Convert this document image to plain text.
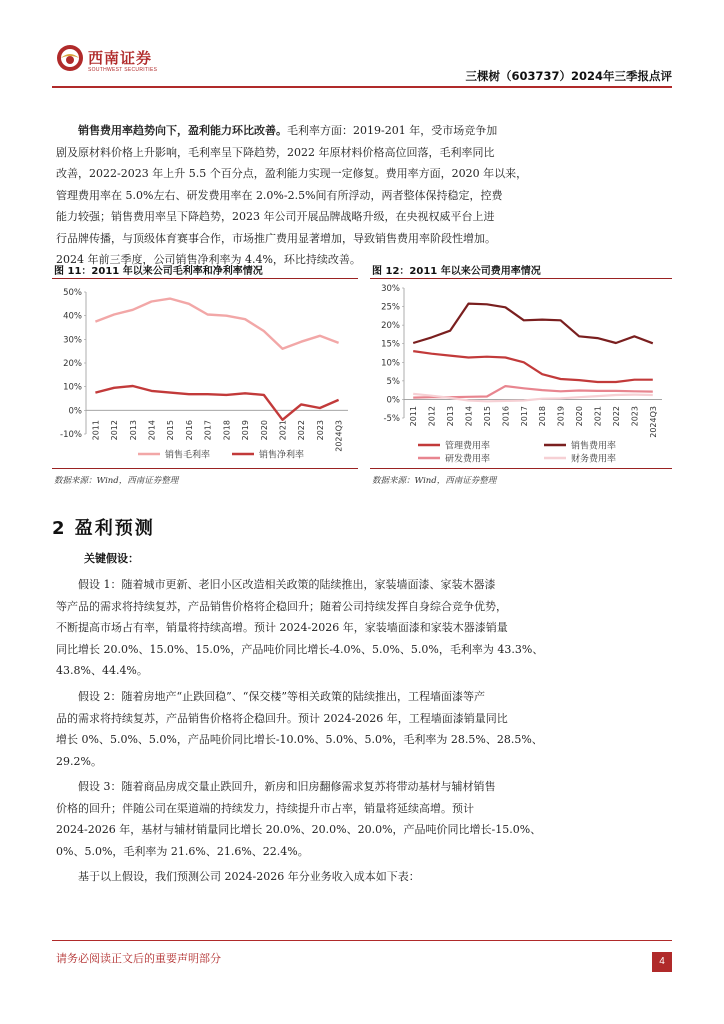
西南证券
SOUTHWEST SECURITIES	三棵树（603737）2024年三季报点评
销售费用率趋势向下，盈利能力环比改善。毛利率方面：2019-201 年，受市场竞争加
剧及原材料价格上升影响，毛利率呈下降趋势，2022 年原材料价格高位回落，毛利率同比
改善，2022-2023 年上升 5.5 个百分点，盈利能力实现一定修复。费用率方面，2020 年以来，
管理费用率在 5.0%左右、研发费用率在 2.0%-2.5%间有所浮动，两者整体保持稳定，控费
能力较强；销售费用率呈下降趋势，2023 年公司开展品牌战略升级，在央视权威平台上进
行品牌传播，与顶级体育赛事合作，市场推广费用显著增加，导致销售费用率阶段性增加。
2024 年前三季度，公司销售净利率为 4.4%，环比持续改善。
图 11：2011 年以来公司毛利率和净利率情况
50%
40%
30%
20%
10%
0%
-10% 2011 2012 2013 2014 2015 2016 2017 2018 2019 2020 2021 2022 2023 2024Q3
销售毛利率	销售净利率
数据来源：Wind，西南证券整理
图 12：2011 年以来公司费用率情况
30%
25%
20%
15%
10%
5%
0%
-5% 2011 2012 2013 2014 2015 2016 2017 2018 2019 2020 2021 2022 2023 2024Q3
管理费用率	销售费用率
研发费用率	财务费用率
数据来源：Wind，西南证券整理
2 盈利预测
关键假设：
假设 1：随着城市更新、老旧小区改造相关政策的陆续推出，家装墙面漆、家装木器漆
等产品的需求将持续复苏，产品销售价格将企稳回升；随着公司持续发挥自身综合竞争优势，
不断提高市场占有率，销量将持续高增。预计 2024-2026 年，家装墙面漆和家装木器漆销量
同比增长 20.0%、15.0%、15.0%，产品吨价同比增长-4.0%、5.0%、5.0%，毛利率为 43.3%、
43.8%、44.4%。
假设 2：随着房地产“止跌回稳”、“保交楼”等相关政策的陆续推出，工程墙面漆等产
品的需求将持续复苏，产品销售价格将企稳回升。预计 2024-2026 年，工程墙面漆销量同比
增长 0%、5.0%、5.0%，产品吨价同比增长-10.0%、5.0%、5.0%，毛利率为 28.5%、28.5%、
29.2%。
假设 3：随着商品房成交量止跌回升，新房和旧房翻修需求复苏将带动基材与辅材销售
价格的回升；伴随公司在渠道端的持续发力，持续提升市占率，销量将延续高增。预计
2024-2026 年，基材与辅材销量同比增长 20.0%、20.0%、20.0%，产品吨价同比增长-15.0%、
0%、5.0%，毛利率为 21.6%、21.6%、22.4%。
基于以上假设，我们预测公司 2024-2026 年分业务收入成本如下表：
请务必阅读正文后的重要声明部分	4
